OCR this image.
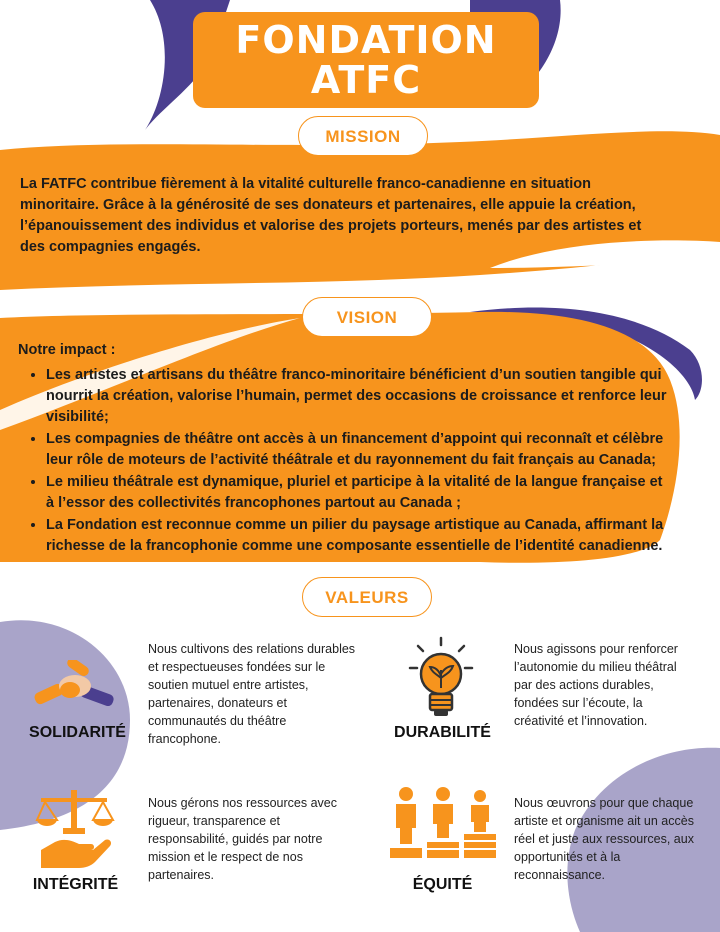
FONDATION
ATFC
MISSION
La FATFC contribue fièrement à la vitalité culturelle franco-canadienne en situation minoritaire. Grâce à la générosité de ses donateurs et partenaires, elle appuie la création, l’épanouissement des individus et valorise des projets porteurs, menés par des artistes et des compagnies engagés.
VISION
Notre impact :
• Les artistes et artisans du théâtre franco-minoritaire bénéficient d’un soutien tangible qui nourrit la création, valorise l’humain, permet des occasions de croissance et renforce leur visibilité;
• Les compagnies de théâtre ont accès à un financement d’appoint qui reconnaît et célèbre leur rôle de moteurs de l’activité théâtrale et du rayonnement du fait français au Canada;
• Le milieu théâtrale est dynamique, pluriel et participe à la vitalité de la langue française et à l’essor des collectivités francophones partout au Canada ;
• La Fondation est reconnue comme un pilier du paysage artistique au Canada, affirmant la richesse de la francophonie comme une composante essentielle de l’identité canadienne.
VALEURS
SOLIDARITÉ
Nous cultivons des relations durables et respectueuses fondées sur le soutien mutuel entre artistes, partenaires, donateurs et communautés du théâtre francophone.	DURABILITÉ
Nous agissons pour renforcer l’autonomie du milieu théâtral par des actions durables, fondées sur l’écoute, la créativité et l’innovation.
INTÉGRITÉ
Nous gérons nos ressources avec rigueur, transparence et responsabilité, guidés par notre mission et le respect de nos partenaires.
ÉQUITÉ
Nous œuvrons pour que chaque artiste et organisme ait un accès réel et juste aux ressources, aux opportunités et à la reconnaissance.
